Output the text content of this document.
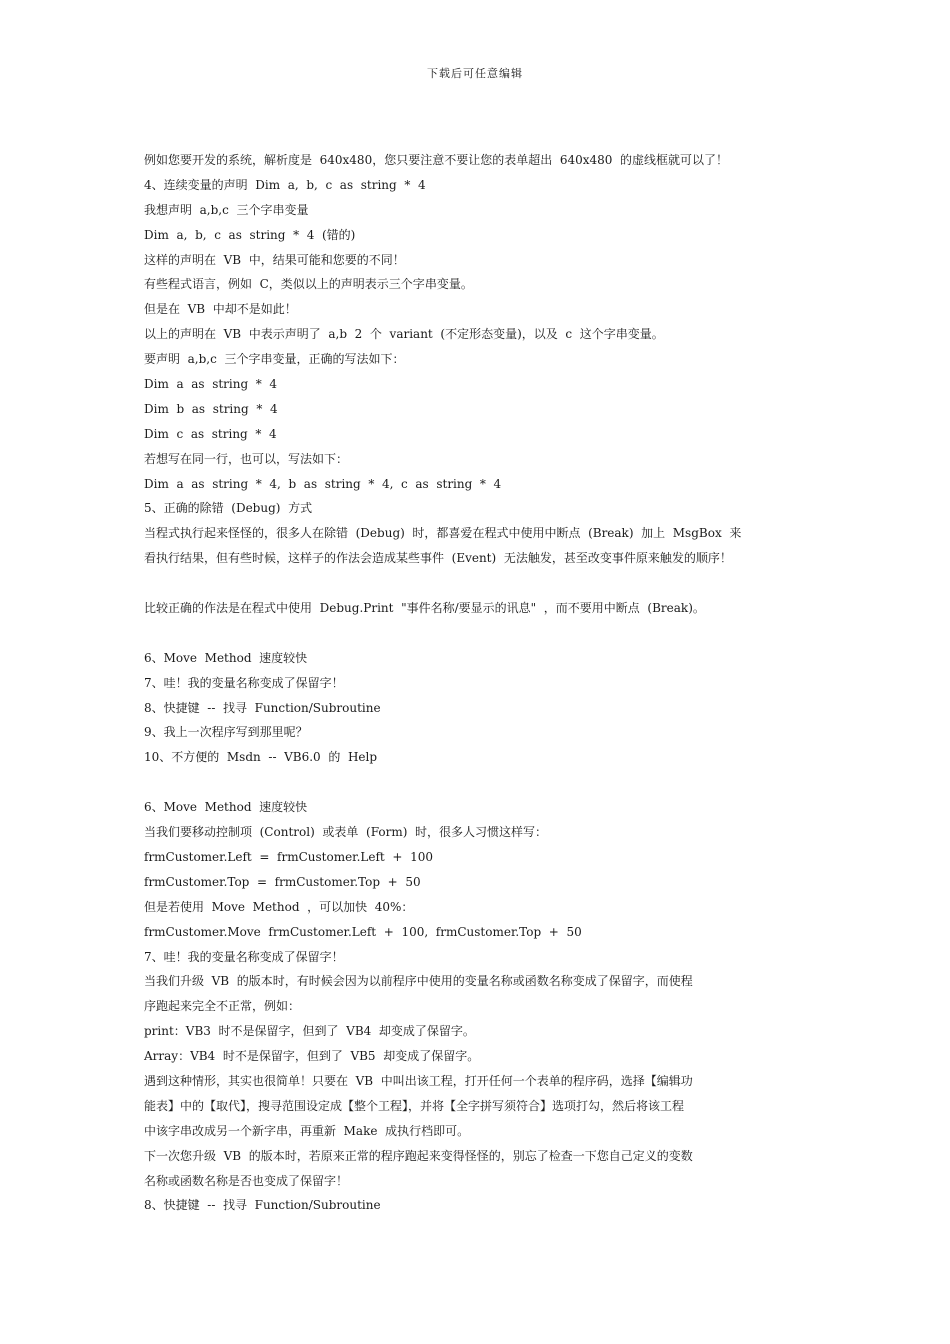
下载后可任意编辑
例如您要开发的系统，解析度是  640x480，您只要注意不要让您的表单超出  640x480  的虚线框就可以了！
4、连续变量的声明  Dim  a,  b,  c  as  string  *  4
我想声明  a,b,c  三个字串变量
Dim  a,  b,  c  as  string  *  4  (错的)
这样的声明在  VB  中，结果可能和您要的不同！
有些程式语言，例如  C，类似以上的声明表示三个字串变量。
但是在  VB  中却不是如此！
以上的声明在  VB  中表示声明了  a,b  2  个  variant  (不定形态变量)，以及  c  这个字串变量。
要声明  a,b,c  三个字串变量，正确的写法如下：
Dim  a  as  string  *  4
Dim  b  as  string  *  4
Dim  c  as  string  *  4
若想写在同一行，也可以，写法如下：
Dim  a  as  string  *  4,  b  as  string  *  4,  c  as  string  *  4
5、正确的除错  (Debug)  方式
当程式执行起来怪怪的，很多人在除错  (Debug)  时，都喜爱在程式中使用中断点  (Break)  加上  MsgBox  来
看执行结果，但有些时候，这样子的作法会造成某些事件  (Event)  无法触发，甚至改变事件原来触发的顺序！
比较正确的作法是在程式中使用  Debug.Print  "事件名称/要显示的讯息"  ，而不要用中断点  (Break)。
6、Move  Method  速度较快
7、哇！我的变量名称变成了保留字！
8、快捷键  --  找寻  Function/Subroutine
9、我上一次程序写到那里呢？
10、不方便的  Msdn  --  VB6.0  的  Help
6、Move  Method  速度较快
当我们要移动控制项  (Control)  或表单  (Form)  时，很多人习惯这样写：
frmCustomer.Left  =  frmCustomer.Left  +  100
frmCustomer.Top  =  frmCustomer.Top  +  50
但是若使用  Move  Method  ，可以加快  40%：
frmCustomer.Move  frmCustomer.Left  +  100,  frmCustomer.Top  +  50
7、哇！我的变量名称变成了保留字！
当我们升级  VB  的版本时，有时候会因为以前程序中使用的变量名称或函数名称变成了保留字，而使程
序跑起来完全不正常，例如：
print：VB3  时不是保留字，但到了  VB4  却变成了保留字。
Array：VB4  时不是保留字，但到了  VB5  却变成了保留字。
遇到这种情形，其实也很简单！只要在  VB  中叫出该工程，打开任何一个表单的程序码，选择【编辑功
能表】中的【取代】，搜寻范围设定成【整个工程】，并将【全字拼写须符合】选项打勾，然后将该工程
中该字串改成另一个新字串，再重新  Make  成执行档即可。
下一次您升级  VB  的版本时，若原来正常的程序跑起来变得怪怪的，别忘了检查一下您自己定义的变数
名称或函数名称是否也变成了保留字！
8、快捷键  --  找寻  Function/Subroutine
